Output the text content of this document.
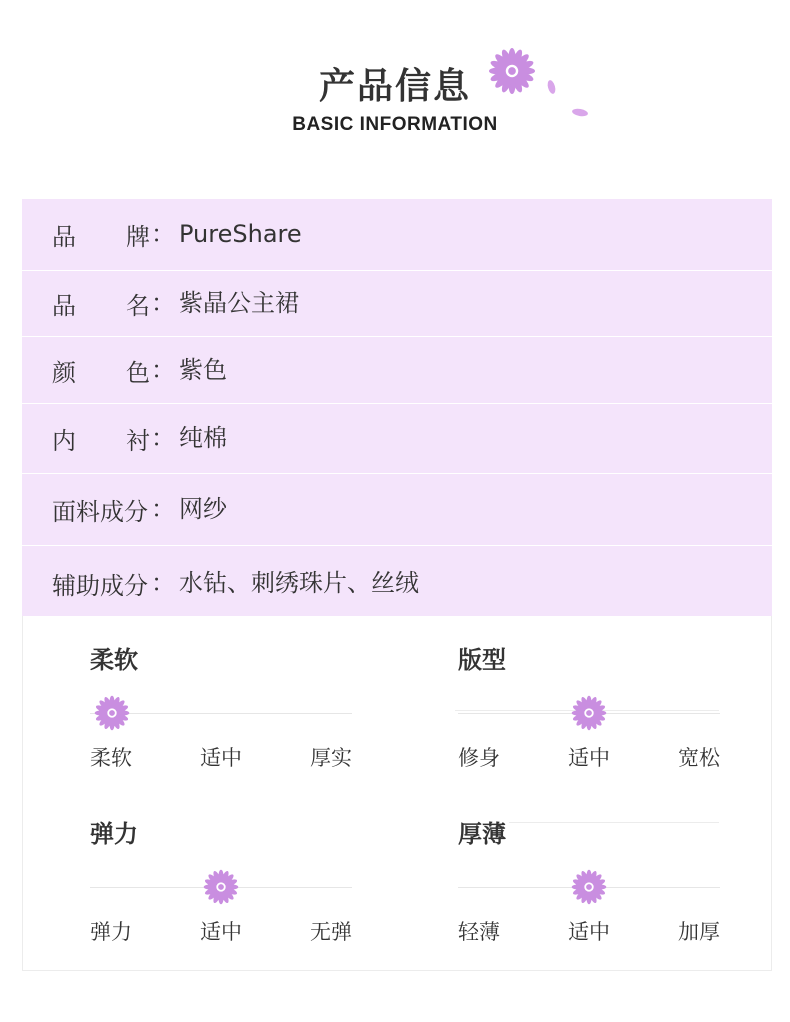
产品信息
BASIC INFORMATION
品 牌 ： PureShare
品 名 ： 紫晶公主裙
颜 色 ： 紫色
内 衬 ： 纯棉
面料成分 ： 网纱
辅助成分 ： 水钻、刺绣珠片、丝绒
柔软
柔软	适中	厚实
版型
修身	适中	宽松
弹力
弹力	适中	无弹
厚薄
轻薄	适中	加厚
